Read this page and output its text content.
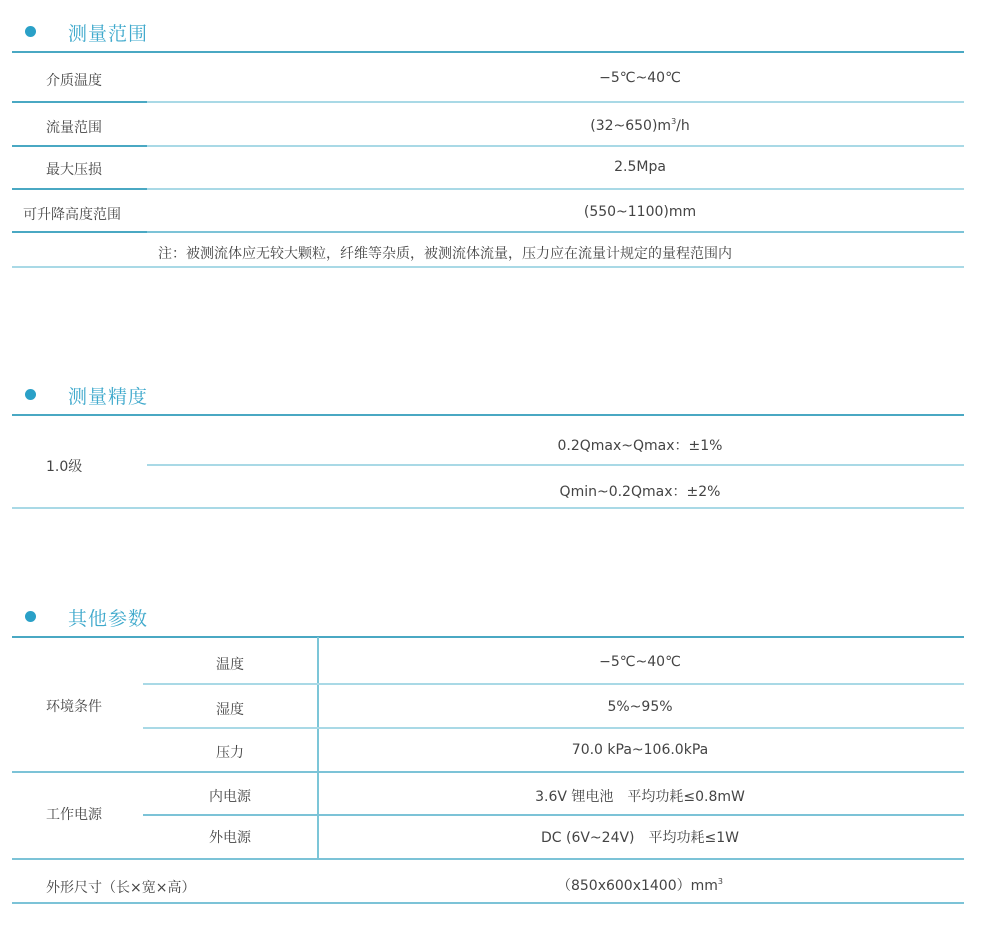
测量范围
介质温度	−5℃~40℃
流量范围	$(32\sim 650)m^3/h$
最大压损	2.5Mpa
可升降高度范围	(550~1100)mm
注：被测流体应无较大颗粒，纤维等杂质，被测流体流量，压力应在流量计规定的量程范围内
测量精度
1.0级
0.2Qmax~Qmax：±1%
Qmin~0.2Qmax：±2%
其他参数
环境条件
温度	−5℃~40℃
湿度	5%~95%
压力	70.0 kPa~106.0kPa
工作电源
内电源	3.6V 锂电池　平均功耗≤0.8mW
外电源	DC (6V~24V)　平均功耗≤1W
外形尺寸（长×宽×高）	$(850x600x1400)mm^3$
